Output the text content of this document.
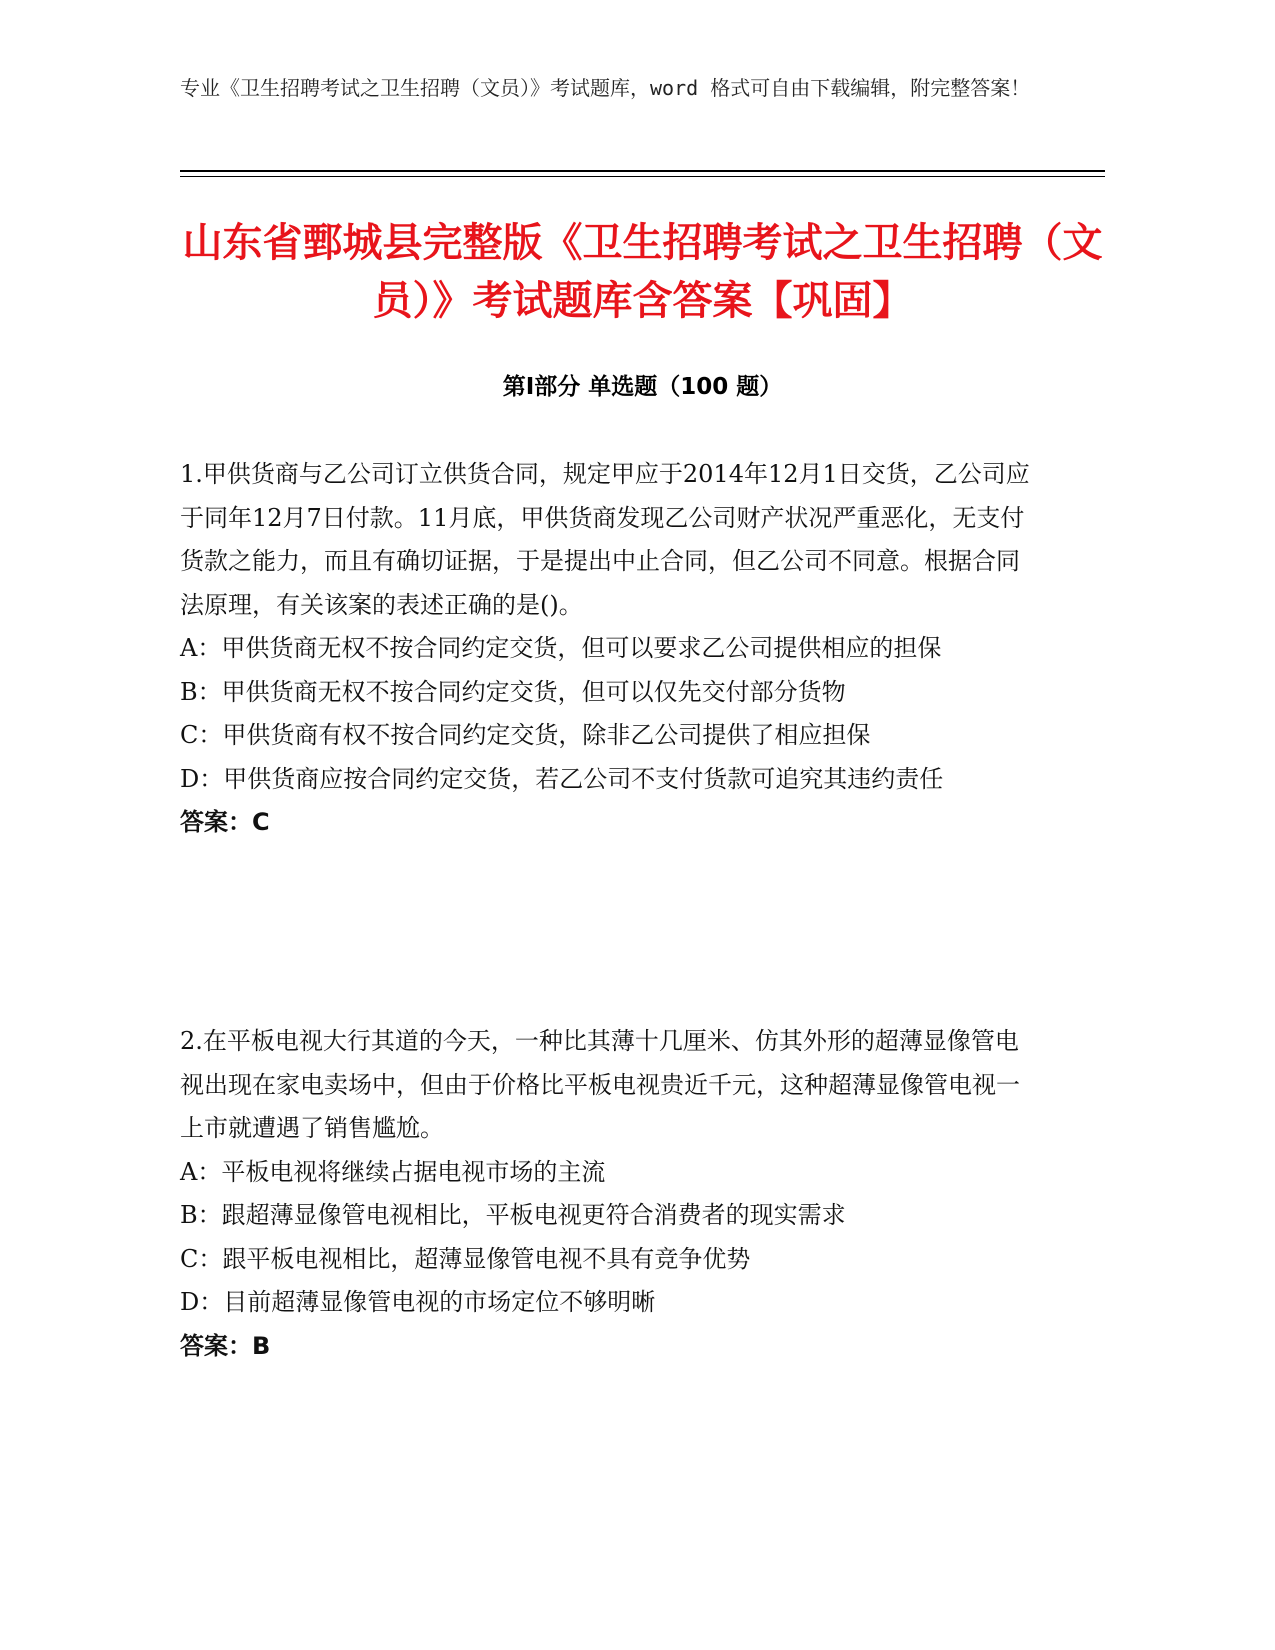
专业《卫生招聘考试之卫生招聘（文员）》考试题库，word 格式可自由下载编辑，附完整答案！
山东省鄄城县完整版《卫生招聘考试之卫生招聘（文员）》考试题库含答案【巩固】
第Ⅰ部分 单选题（100 题）
1.甲供货商与乙公司订立供货合同，规定甲应于2014年12月1日交货，乙公司应于同年12月7日付款。11月底，甲供货商发现乙公司财产状况严重恶化，无支付货款之能力，而且有确切证据，于是提出中止合同，但乙公司不同意。根据合同法原理，有关该案的表述正确的是()。
A：甲供货商无权不按合同约定交货，但可以要求乙公司提供相应的担保
B：甲供货商无权不按合同约定交货，但可以仅先交付部分货物
C：甲供货商有权不按合同约定交货，除非乙公司提供了相应担保
D：甲供货商应按合同约定交货，若乙公司不支付货款可追究其违约责任
答案：C
2.在平板电视大行其道的今天，一种比其薄十几厘米、仿其外形的超薄显像管电视出现在家电卖场中，但由于价格比平板电视贵近千元，这种超薄显像管电视一上市就遭遇了销售尴尬。
A：平板电视将继续占据电视市场的主流
B：跟超薄显像管电视相比，平板电视更符合消费者的现实需求
C：跟平板电视相比，超薄显像管电视不具有竞争优势
D：目前超薄显像管电视的市场定位不够明晰
答案：B
